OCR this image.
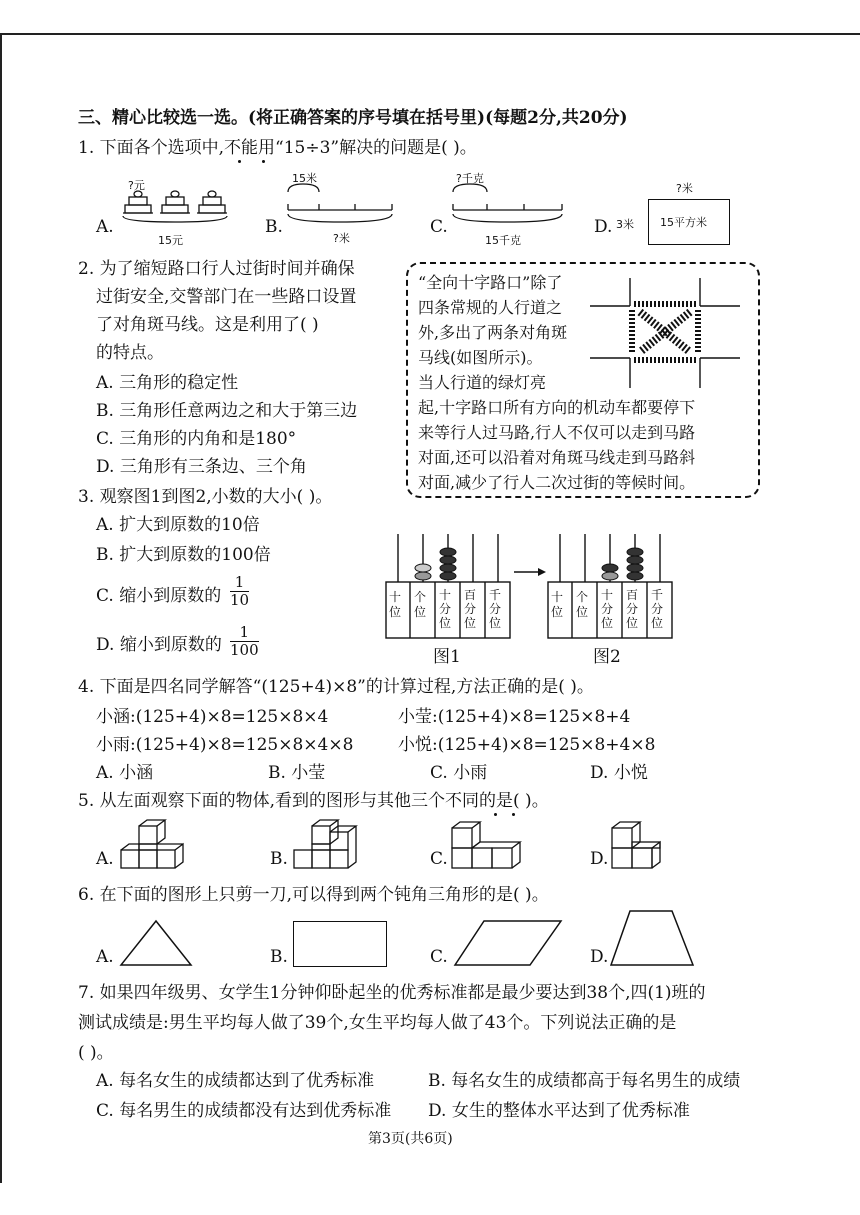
三、精心比较选一选。(将正确答案的序号填在括号里)(每题2分,共20分)
1. 下面各个选项中,不能用“15÷3”解决的问题是( )。
A.
?元
15元
B.
15米
?米
C.
?千克
15千克
D. 3米
?米
15平方米
2. 为了缩短路口行人过街时间并确保
过街安全,交警部门在一些路口设置
了对角斑马线。这是利用了( )
的特点。
A. 三角形的稳定性
B. 三角形任意两边之和大于第三边
C. 三角形的内角和是180°
D. 三角形有三条边、三个角
“全向十字路口”除了
四条常规的人行道之
外,多出了两条对角斑
马线(如图所示)。
当人行道的绿灯亮
起,十字路口所有方向的机动车都要停下
来等行人过马路,行人不仅可以走到马路
对面,还可以沿着对角斑马线走到马路斜
对面,减少了行人二次过街的等候时间。
3. 观察图1到图2,小数的大小( )。
A. 扩大到原数的10倍
B. 扩大到原数的100倍
C. 缩小到原数的 $\frac{1}{10}$
D. 缩小到原数的 $\frac{1}{100}$
十位
个位
十分位
百分位
千分位
图1
十位
个位
十分位
百分位
千分位
图2
4. 下面是四名同学解答“(125+4)×8”的计算过程,方法正确的是( )。
小涵:(125+4)×8=125×8×4	小莹:(125+4)×8=125×8+4
小雨:(125+4)×8=125×8×4×8	小悦:(125+4)×8=125×8+4×8
A. 小涵	B. 小莹	C. 小雨	D. 小悦
5. 从左面观察下面的物体,看到的图形与其他三个不同的是( )。
A.	B.	C.	D.
6. 在下面的图形上只剪一刀,可以得到两个钝角三角形的是( )。
A.	B.	C.	D.
7. 如果四年级男、女学生1分钟仰卧起坐的优秀标准都是最少要达到38个,四(1)班的
测试成绩是:男生平均每人做了39个,女生平均每人做了43个。下列说法正确的是
( )。
A. 每名女生的成绩都达到了优秀标准	B. 每名女生的成绩都高于每名男生的成绩
C. 每名男生的成绩都没有达到优秀标准 D. 女生的整体水平达到了优秀标准
第3页(共6页)
